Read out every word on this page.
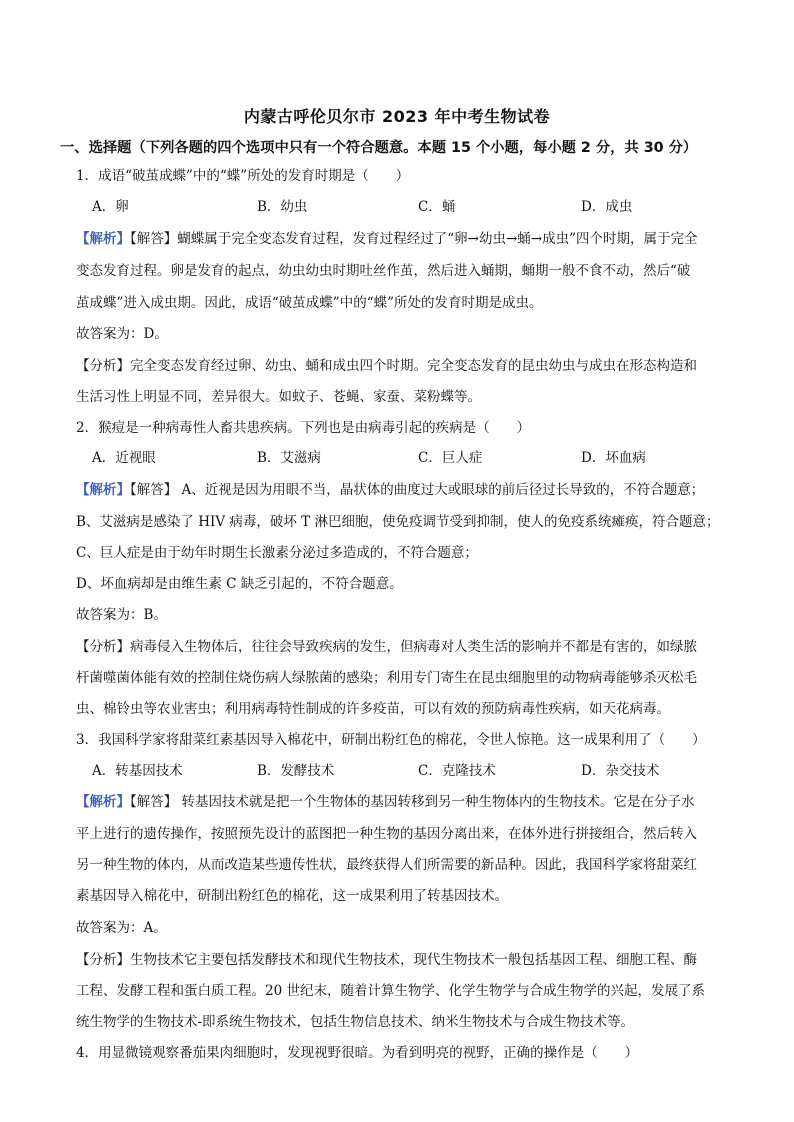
内蒙古呼伦贝尔市 2023 年中考生物试卷
一、选择题（下列各题的四个选项中只有一个符合题意。本题 15 个小题，每小题 2 分，共 30 分）
1．成语“破茧成蝶”中的“蝶”所处的发育时期是（　　）
A．卵	B．幼虫	C．蛹	D．成虫
【解析】【解答】蝴蝶属于完全变态发育过程，发育过程经过了“卵→幼虫→蛹→成虫”四个时期，属于完全
变态发育过程。卵是发育的起点，幼虫幼虫时期吐丝作茧，然后进入蛹期，蛹期一般不食不动，然后“破
茧成蝶”进入成虫期。因此，成语“破茧成蝶”中的“蝶”所处的发育时期是成虫。
故答案为：D。
【分析】完全变态发育经过卵、幼虫、蛹和成虫四个时期。完全变态发育的昆虫幼虫与成虫在形态构造和
生活习性上明显不同，差异很大。如蚊子、苍蝇、家蚕、菜粉蝶等。
2．猴痘是一种病毒性人畜共患疾病。下列也是由病毒引起的疾病是（　　）
A．近视眼	B．艾滋病	C．巨人症	D．坏血病
【解析】【解答】 A、近视是因为用眼不当，晶状体的曲度过大或眼球的前后径过长导致的，不符合题意；
B、艾滋病是感染了 HIV 病毒，破坏 T 淋巴细胞，使免疫调节受到抑制，使人的免疫系统瘫痪，符合题意；
C、巨人症是由于幼年时期生长激素分泌过多造成的，不符合题意；
D、坏血病却是由维生素 C 缺乏引起的，不符合题意。
故答案为：B。
【分析】病毒侵入生物体后，往往会导致疾病的发生，但病毒对人类生活的影响并不都是有害的，如绿脓
杆菌噬菌体能有效的控制住烧伤病人绿脓菌的感染；利用专门寄生在昆虫细胞里的动物病毒能够杀灭松毛
虫、棉铃虫等农业害虫；利用病毒特性制成的许多疫苗，可以有效的预防病毒性疾病，如天花病毒。
3．我国科学家将甜菜红素基因导入棉花中，研制出粉红色的棉花，令世人惊艳。这一成果利用了（　　）
A．转基因技术	B．发酵技术	C．克隆技术	D．杂交技术
【解析】【解答】 转基因技术就是把一个生物体的基因转移到另一种生物体内的生物技术。它是在分子水
平上进行的遗传操作，按照预先设计的蓝图把一种生物的基因分离出来，在体外进行拼接组合，然后转入
另一种生物的体内，从而改造某些遗传性状，最终获得人们所需要的新品种。因此，我国科学家将甜菜红
素基因导入棉花中，研制出粉红色的棉花，这一成果利用了转基因技术。
故答案为：A。
【分析】生物技术它主要包括发酵技术和现代生物技术，现代生物技术一般包括基因工程、细胞工程、酶
工程、发酵工程和蛋白质工程。20 世纪末，随着计算生物学、化学生物学与合成生物学的兴起，发展了系
统生物学的生物技术-即系统生物技术，包括生物信息技术、纳米生物技术与合成生物技术等。
4．用显微镜观察番茄果肉细胞时，发现视野很暗。为看到明亮的视野，正确的操作是（　　）
